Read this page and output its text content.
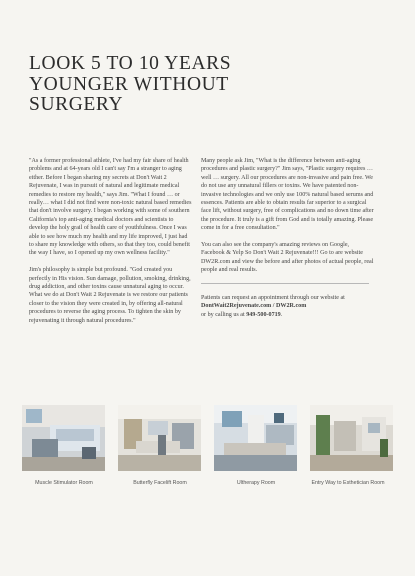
LOOK 5 TO 10 YEARS
YOUNGER WITHOUT
SURGERY

"As a former professional athlete, I've had my fair share of health problems and at 64-years old I can't say I'm a stranger to aging either. Before I began sharing my secrets at Don't Wait 2 Rejuvenate, I was in pursuit of natural and legitimate medical remedies to restore my health," says Jim. "What I found … or really… what I did not find were non-toxic natural based remedies that don't involve surgery. I began working with some of southern California's top anti-aging medical doctors and scientists to develop the holy grail of health care of youthfulness. Once I was able to see how much my health and my life improved, I just had to share my knowledge with others, so that they too, could benefit the way I have, so I opened up my own wellness facility."

Jim's philosophy is simple but profound. "God created you perfectly in His vision. Sun damage, pollution, smoking, drinking, drug addiction, and other toxins cause unnatural aging to occur. What we do at Don't Wait 2 Rejuvenate is we restore our patients closer to the vision they were created in, by offering all-natural procedures to reverse the aging process. To tighten the skin by rejuvenating it through natural procedures."

Many people ask Jim, "What is the difference between anti-aging procedures and plastic surgery?" Jim says, "Plastic surgery requires … well … surgery. All our procedures are non-invasive and pain free. We do not use any unnatural fillers or toxins. We have patented non-invasive technologies and we only use 100% natural based serums and essences. Patients are able to obtain results far superior to a surgical face lift, without surgery, free of complications and no down time after the procedure. It truly is a gift from God and is totally amazing. Please come in for a free consultation."

You can also see the company's amazing reviews on Google, Facebook & Yelp So Don't Wait 2 Rejuvenate!!! Go to are website DW2R.com and view the before and after photos of actual people, real people and real results.

Patients can request an appointment through our website at DontWait2Rejuvenate.com / DW2R.com
or by calling us at 949-500-0719.

Muscle Stimulator Room	Butterfly Facelift Room	Ultherapy Room	Entry Way to Esthetician Room
